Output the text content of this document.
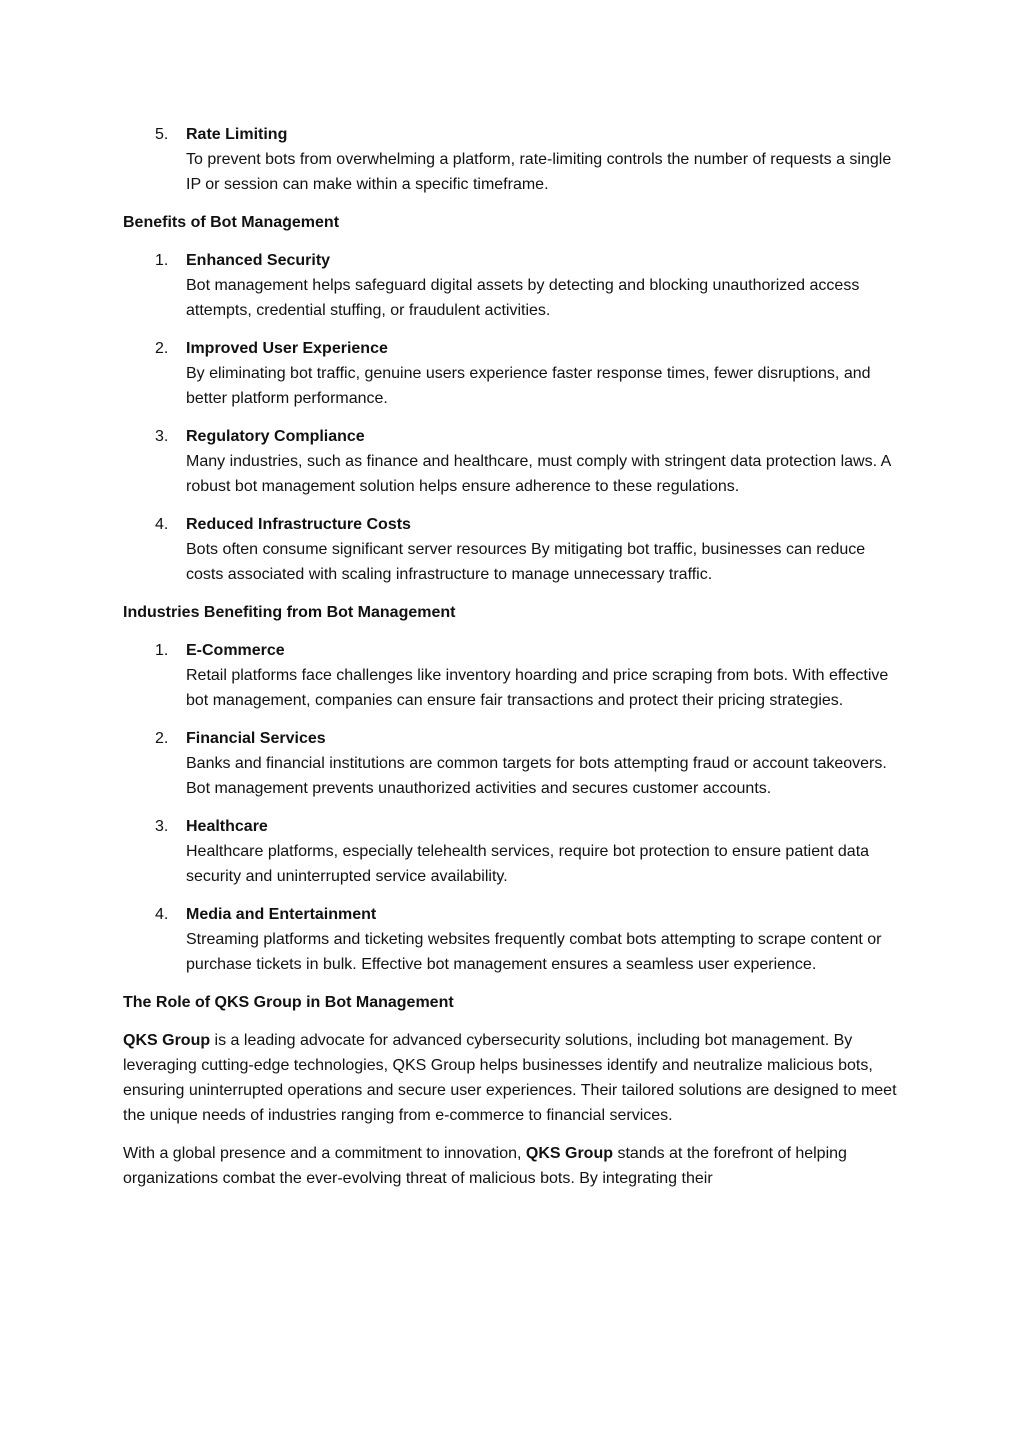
5. Rate Limiting
To prevent bots from overwhelming a platform, rate-limiting controls the number of requests a single IP or session can make within a specific timeframe.

Benefits of Bot Management

1. Enhanced Security
Bot management helps safeguard digital assets by detecting and blocking unauthorized access attempts, credential stuffing, or fraudulent activities.
2. Improved User Experience
By eliminating bot traffic, genuine users experience faster response times, fewer disruptions, and better platform performance.
3. Regulatory Compliance
Many industries, such as finance and healthcare, must comply with stringent data protection laws. A robust bot management solution helps ensure adherence to these regulations.
4. Reduced Infrastructure Costs
Bots often consume significant server resources By mitigating bot traffic, businesses can reduce costs associated with scaling infrastructure to manage unnecessary traffic.

Industries Benefiting from Bot Management

1. E-Commerce
Retail platforms face challenges like inventory hoarding and price scraping from bots. With effective bot management, companies can ensure fair transactions and protect their pricing strategies.
2. Financial Services
Banks and financial institutions are common targets for bots attempting fraud or account takeovers. Bot management prevents unauthorized activities and secures customer accounts.
3. Healthcare
Healthcare platforms, especially telehealth services, require bot protection to ensure patient data security and uninterrupted service availability.
4. Media and Entertainment
Streaming platforms and ticketing websites frequently combat bots attempting to scrape content or purchase tickets in bulk. Effective bot management ensures a seamless user experience.

The Role of QKS Group in Bot Management

QKS Group is a leading advocate for advanced cybersecurity solutions, including bot management. By leveraging cutting-edge technologies, QKS Group helps businesses identify and neutralize malicious bots, ensuring uninterrupted operations and secure user experiences. Their tailored solutions are designed to meet the unique needs of industries ranging from e-commerce to financial services.

With a global presence and a commitment to innovation, QKS Group stands at the forefront of helping organizations combat the ever-evolving threat of malicious bots. By integrating their
